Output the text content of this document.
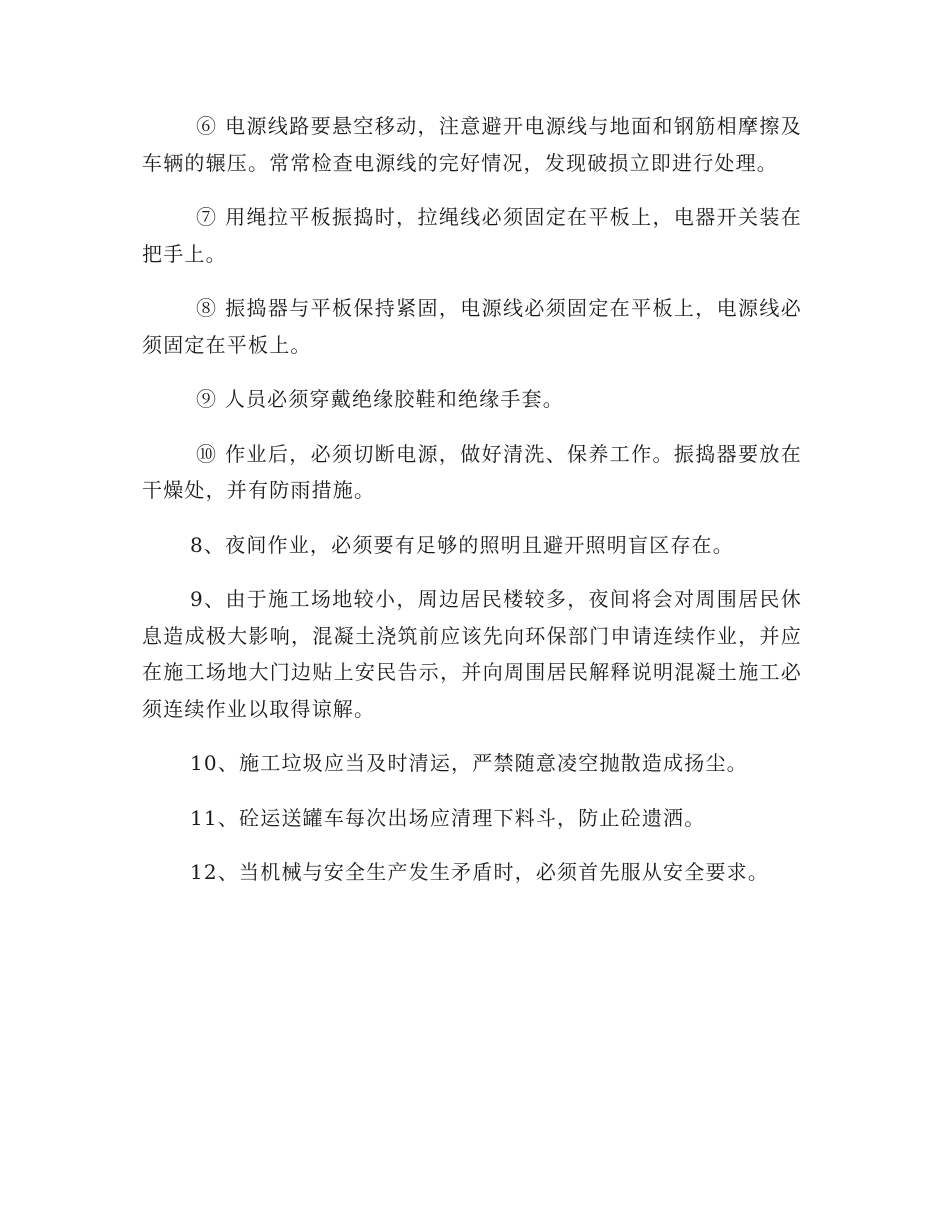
⑥ 电源线路要悬空移动，注意避开电源线与地面和钢筋相摩擦及车辆的辗压。常常检查电源线的完好情况，发现破损立即进行处理。

⑦ 用绳拉平板振捣时，拉绳线必须固定在平板上，电器开关装在把手上。

⑧ 振捣器与平板保持紧固，电源线必须固定在平板上，电源线必须固定在平板上。

⑨ 人员必须穿戴绝缘胶鞋和绝缘手套。

⑩ 作业后，必须切断电源，做好清洗、保养工作。振捣器要放在干燥处，并有防雨措施。

8、夜间作业，必须要有足够的照明且避开照明盲区存在。

9、由于施工场地较小，周边居民楼较多，夜间将会对周围居民休息造成极大影响，混凝土浇筑前应该先向环保部门申请连续作业，并应在施工场地大门边贴上安民告示，并向周围居民解释说明混凝土施工必须连续作业以取得谅解。

10、施工垃圾应当及时清运，严禁随意凌空抛散造成扬尘。

11、砼运送罐车每次出场应清理下料斗，防止砼遗洒。

12、当机械与安全生产发生矛盾时，必须首先服从安全要求。
